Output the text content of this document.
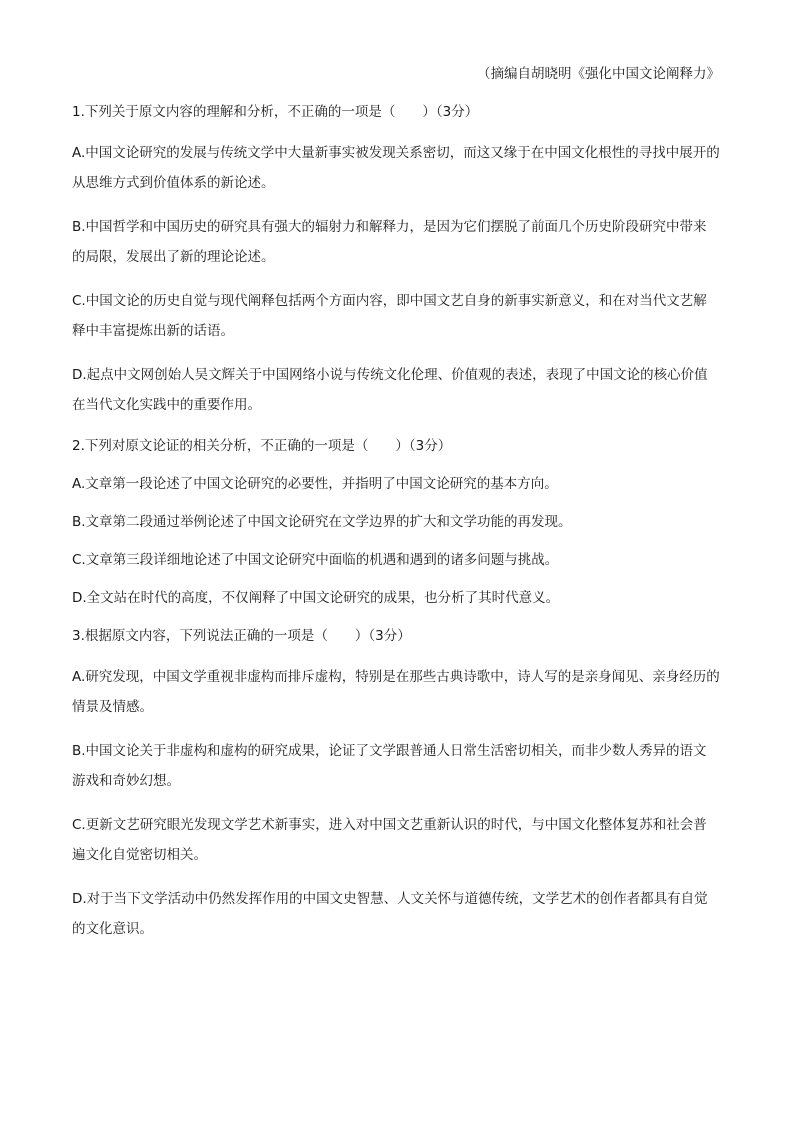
（摘编自胡晓明《强化中国文论阐释力》

1.下列关于原文内容的理解和分析，不正确的一项是（　　）（3分）

A.中国文论研究的发展与传统文学中大量新事实被发现关系密切，而这又缘于在中国文化根性的寻找中展开的从思维方式到价值体系的新论述。

B.中国哲学和中国历史的研究具有强大的辐射力和解释力，是因为它们摆脱了前面几个历史阶段研究中带来的局限，发展出了新的理论论述。

C.中国文论的历史自觉与现代阐释包括两个方面内容，即中国文艺自身的新事实新意义，和在对当代文艺解释中丰富提炼出新的话语。

D.起点中文网创始人吴文辉关于中国网络小说与传统文化伦理、价值观的表述，表现了中国文论的核心价值在当代文化实践中的重要作用。

2.下列对原文论证的相关分析，不正确的一项是（　　）（3分）

A.文章第一段论述了中国文论研究的必要性，并指明了中国文论研究的基本方向。

B.文章第二段通过举例论述了中国文论研究在文学边界的扩大和文学功能的再发现。

C.文章第三段详细地论述了中国文论研究中面临的机遇和遇到的诸多问题与挑战。

D.全文站在时代的高度，不仅阐释了中国文论研究的成果，也分析了其时代意义。

3.根据原文内容，下列说法正确的一项是（　　）（3分）

A.研究发现，中国文学重视非虚构而排斥虚构，特别是在那些古典诗歌中，诗人写的是亲身闻见、亲身经历的情景及情感。

B.中国文论关于非虚构和虚构的研究成果，论证了文学跟普通人日常生活密切相关，而非少数人秀异的语文游戏和奇妙幻想。

C.更新文艺研究眼光发现文学艺术新事实，进入对中国文艺重新认识的时代，与中国文化整体复苏和社会普遍文化自觉密切相关。

D.对于当下文学活动中仍然发挥作用的中国文史智慧、人文关怀与道德传统，文学艺术的创作者都具有自觉的文化意识。
